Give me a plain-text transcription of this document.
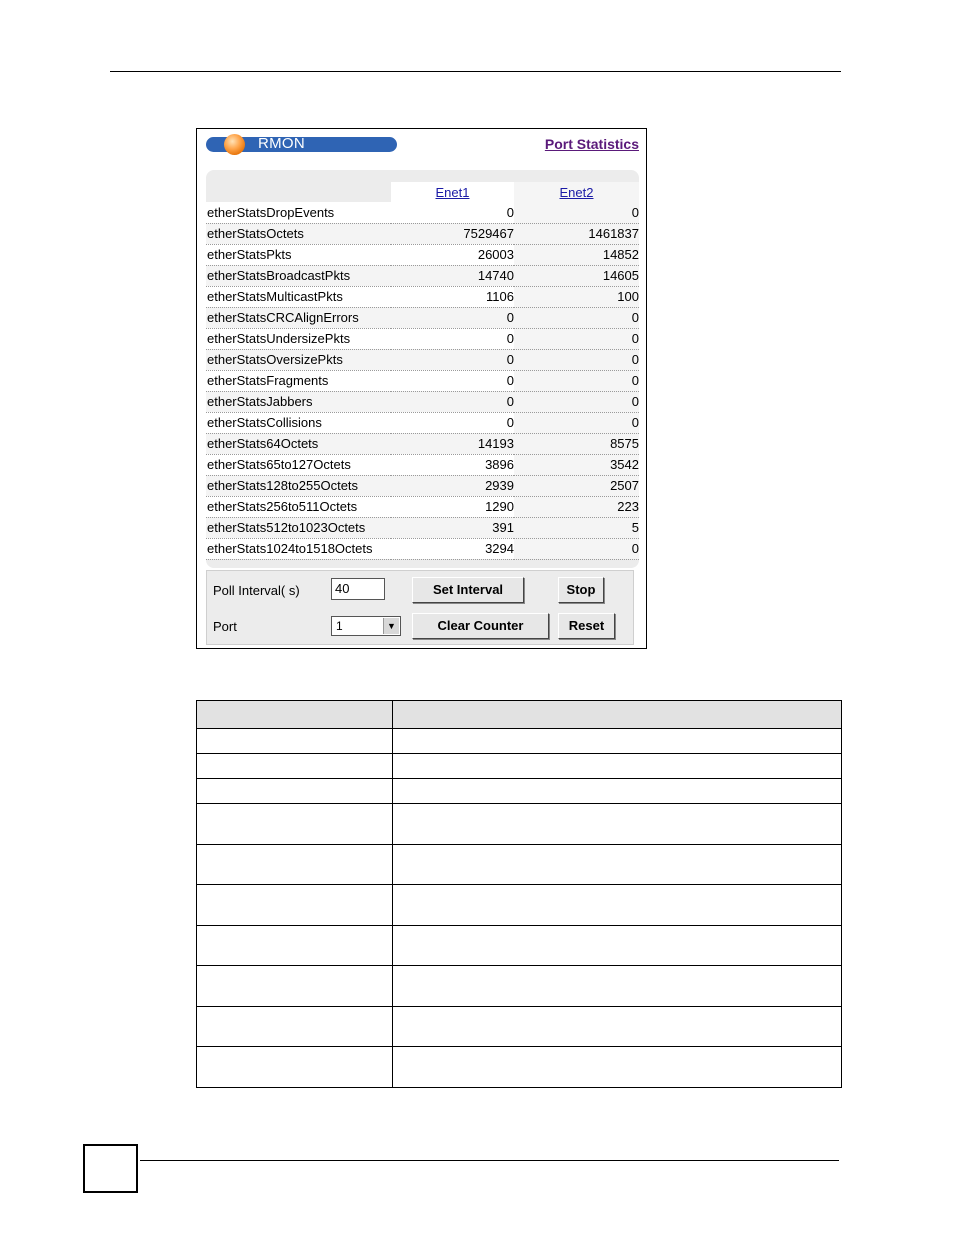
RMON	Port Statistics
	Enet1	Enet2
etherStatsDropEvents	0	0
etherStatsOctets	7529467	1461837
etherStatsPkts	26003	14852
etherStatsBroadcastPkts	14740	14605
etherStatsMulticastPkts	1106	100
etherStatsCRCAlignErrors	0	0
etherStatsUndersizePkts	0	0
etherStatsOversizePkts	0	0
etherStatsFragments	0	0
etherStatsJabbers	0	0
etherStatsCollisions	0	0
etherStats64Octets	14193	8575
etherStats65to127Octets	3896	3542
etherStats128to255Octets	2939	2507
etherStats256to511Octets	1290	223
etherStats512to1023Octets	391	5
etherStats1024to1518Octets	3294	0
Poll Interval( s)	40	Set Interval	Stop
Port	1	▼	Clear Counter	Reset
